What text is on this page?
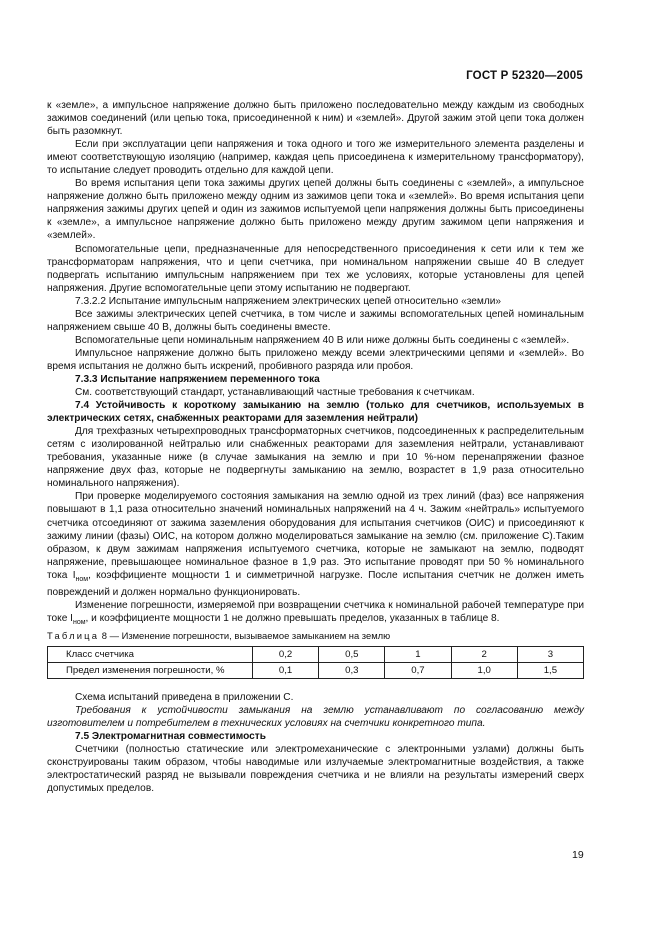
ГОСТ Р 52320—2005

к «земле», а импульсное напряжение должно быть приложено последовательно между каждым из свободных зажимов соединений (или цепью тока, присоединенной к ним) и «землей». Другой зажим этой цепи тока должен быть разомкнут.

Если при эксплуатации цепи напряжения и тока одного и того же измерительного элемента разделены и имеют соответствующую изоляцию (например, каждая цепь присоединена к измерительному трансформатору), то испытание следует проводить отдельно для каждой цепи.

Во время испытания цепи тока зажимы других цепей должны быть соединены с «землей», а импульсное напряжение должно быть приложено между одним из зажимов цепи тока и «землей». Во время испытания цепи напряжения зажимы других цепей и один из зажимов испытуемой цепи напряжения должны быть присоединены к «земле», а импульсное напряжение должно быть приложено между другим зажимом цепи напряжения и «землей».

Вспомогательные цепи, предназначенные для непосредственного присоединения к сети или к тем же трансформаторам напряжения, что и цепи счетчика, при номинальном напряжении свыше 40 В следует подвергать испытанию импульсным напряжением при тех же условиях, которые установлены для цепей напряжения. Другие вспомогательные цепи этому испытанию не подвергают.

7.3.2.2 Испытание импульсным напряжением электрических цепей относительно «земли»

Все зажимы электрических цепей счетчика, в том числе и зажимы вспомогательных цепей номинальным напряжением свыше 40 В, должны быть соединены вместе.

Вспомогательные цепи номинальным напряжением 40 В или ниже должны быть соединены с «землей».

Импульсное напряжение должно быть приложено между всеми электрическими цепями и «землей». Во время испытания не должно быть искрений, пробивного разряда или пробоя.

7.3.3 Испытание напряжением переменного тока

См. соответствующий стандарт, устанавливающий частные требования к счетчикам.

7.4 Устойчивость к короткому замыканию на землю (только для счетчиков, используемых в электрических сетях, снабженных реакторами для заземления нейтрали)

Для трехфазных четырехпроводных трансформаторных счетчиков, подсоединенных к распределительным сетям с изолированной нейтралью или снабженных реакторами для заземления нейтрали, устанавливают требования, указанные ниже (в случае замыкания на землю и при 10 %-ном перенапряжении фазное напряжение двух фаз, которые не подвергнуты замыканию на землю, возрастет в 1,9 раза относительно номинального напряжения).

При проверке моделируемого состояния замыкания на землю одной из трех линий (фаз) все напряжения повышают в 1,1 раза относительно значений номинальных напряжений на 4 ч. Зажим «нейтраль» испытуемого счетчика отсоединяют от зажима заземления оборудования для испытания счетчиков (ОИС) и присоединяют к зажиму линии (фазы) ОИС, на котором должно моделироваться замыкание на землю (см. приложение С).Таким образом, к двум зажимам напряжения испытуемого счетчика, которые не замыкают на землю, подводят напряжение, превышающее номинальное фазное в 1,9 раз. Это испытание проводят при 50 % номинального тока $I_{ном}$, коэффициенте мощности 1 и симметричной нагрузке. После испытания счетчик не должен иметь повреждений и должен нормально функционировать.

Изменение погрешности, измеряемой при возвращении счетчика к номинальной рабочей температуре при токе $I_{ном}$, и коэффициенте мощности 1 не должно превышать пределов, указанных в таблице 8.

Таблица 8 — Изменение погрешности, вызываемое замыканием на землю

Класс счетчика	0,2	0,5	1	2	3
Предел изменения погрешности, %	0,1	0,3	0,7	1,0	1,5

Схема испытаний приведена в приложении С.

Требования к устойчивости замыкания на землю устанавливают по согласованию между изготовителем и потребителем в технических условиях на счетчики конкретного типа.

7.5 Электромагнитная совместимость

Счетчики (полностью статические или электромеханические с электронными узлами) должны быть сконструированы таким образом, чтобы наводимые или излучаемые электромагнитные воздействия, а также электростатический разряд не вызывали повреждения счетчика и не влияли на результаты измерений сверх допустимых пределов.

19
